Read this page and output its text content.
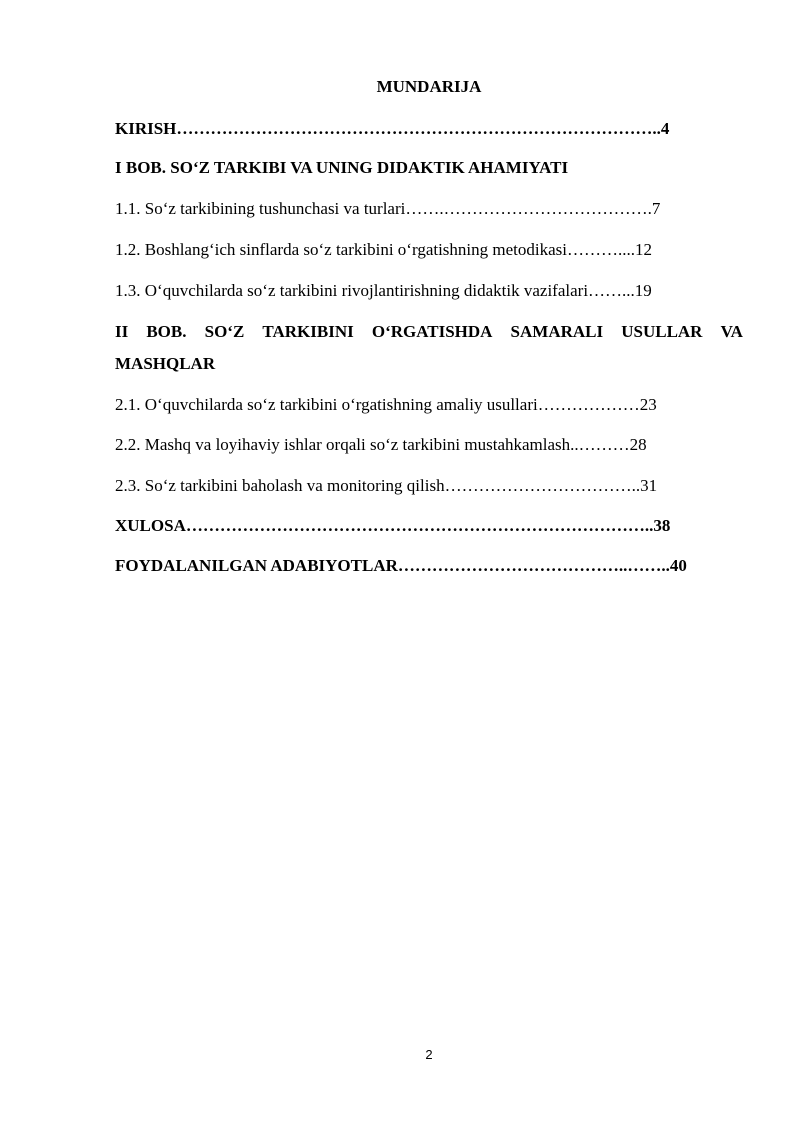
MUNDARIJA
KIRISH…………………………………………………………………………..4
I BOB. SO‘Z TARKIBI VA UNING DIDAKTIK AHAMIYATI
1.1. So‘z tarkibining tushunchasi va turlari…….……………………………….7
1.2. Boshlang‘ich sinflarda so‘z tarkibini o‘rgatishning metodikasi………....12
1.3. O‘quvchilarda so‘z tarkibini rivojlantirishning didaktik vazifalari……...19
II BOB. SO‘Z TARKIBINI O‘RGATISHDA SAMARALI USULLAR VA
MASHQLAR
2.1. O‘quvchilarda so‘z tarkibini o‘rgatishning amaliy usullari………………23
2.2. Mashq va loyihaviy ishlar orqali so‘z tarkibini mustahkamlash..………28
2.3. So‘z tarkibini baholash va monitoring qilish……………………………..31
XULOSA………………………………………………………………………..38
FOYDALANILGAN ADABIYOTLAR…………………………………..……..40
2
